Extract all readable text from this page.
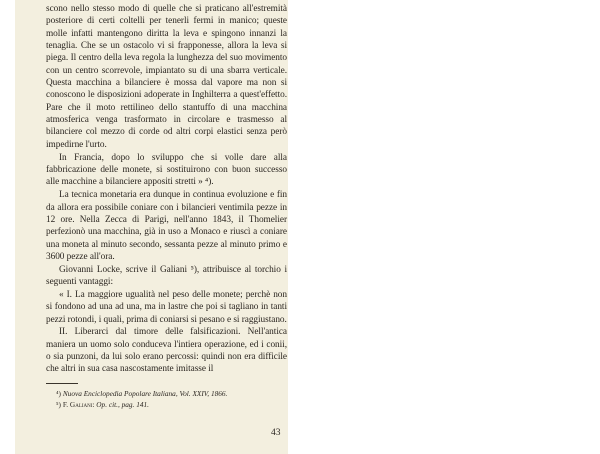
scono nello stesso modo di quelle che si praticano all'estremità posteriore di certi coltelli per tenerli fermi in manico; queste molle infatti mantengono diritta la leva e spingono innanzi la tenaglia. Che se un ostacolo vi si frapponesse, allora la leva si piega. Il centro della leva regola la lunghezza del suo movimento con un centro scorrevole, impiantato su di una sbarra verticale. Questa macchina a bilanciere è mossa dal vapore ma non si conoscono le disposizioni adoperate in Inghilterra a quest'effetto. Pare che il moto rettilineo dello stantuffo di una macchina atmosferica venga trasformato in circolare e trasmesso al bilanciere col mezzo di corde od altri corpi elastici senza però impedirne l'urto.

In Francia, dopo lo sviluppo che si volle dare alla fabbricazione delle monete, si sostituirono con buon successo alle macchine a bilanciere appositi stretti » ⁴).

La tecnica monetaria era dunque in continua evoluzione e fin da allora era possibile coniare con i bilancieri ventimila pezze in 12 ore. Nella Zecca di Parigi, nell'anno 1843, il Thomelier perfezionò una macchina, già in uso a Monaco e riuscì a coniare una moneta al minuto secondo, sessanta pezze al minuto primo e 3600 pezze all'ora.

Giovanni Locke, scrive il Galiani ⁵), attribuisce al torchio i seguenti vantaggi:

« I. La maggiore ugualità nel peso delle monete; perchè non si fondono ad una ad una, ma in lastre che poi si tagliano in tanti pezzi rotondi, i quali, prima di coniarsi si pesano e si raggiustano.

II. Liberarci dal timore delle falsificazioni. Nell'antica maniera un uomo solo conduceva l'intiera operazione, ed i conii, o sia punzoni, da lui solo erano percossi: quindi non era difficile che altri in sua casa nascostamente imitasse il

⁴) Nuova Enciclopedia Popolare Italiana, Vol. XXIV, 1866.

⁵) F. Galiani: Op. cit., pag. 141.

43
